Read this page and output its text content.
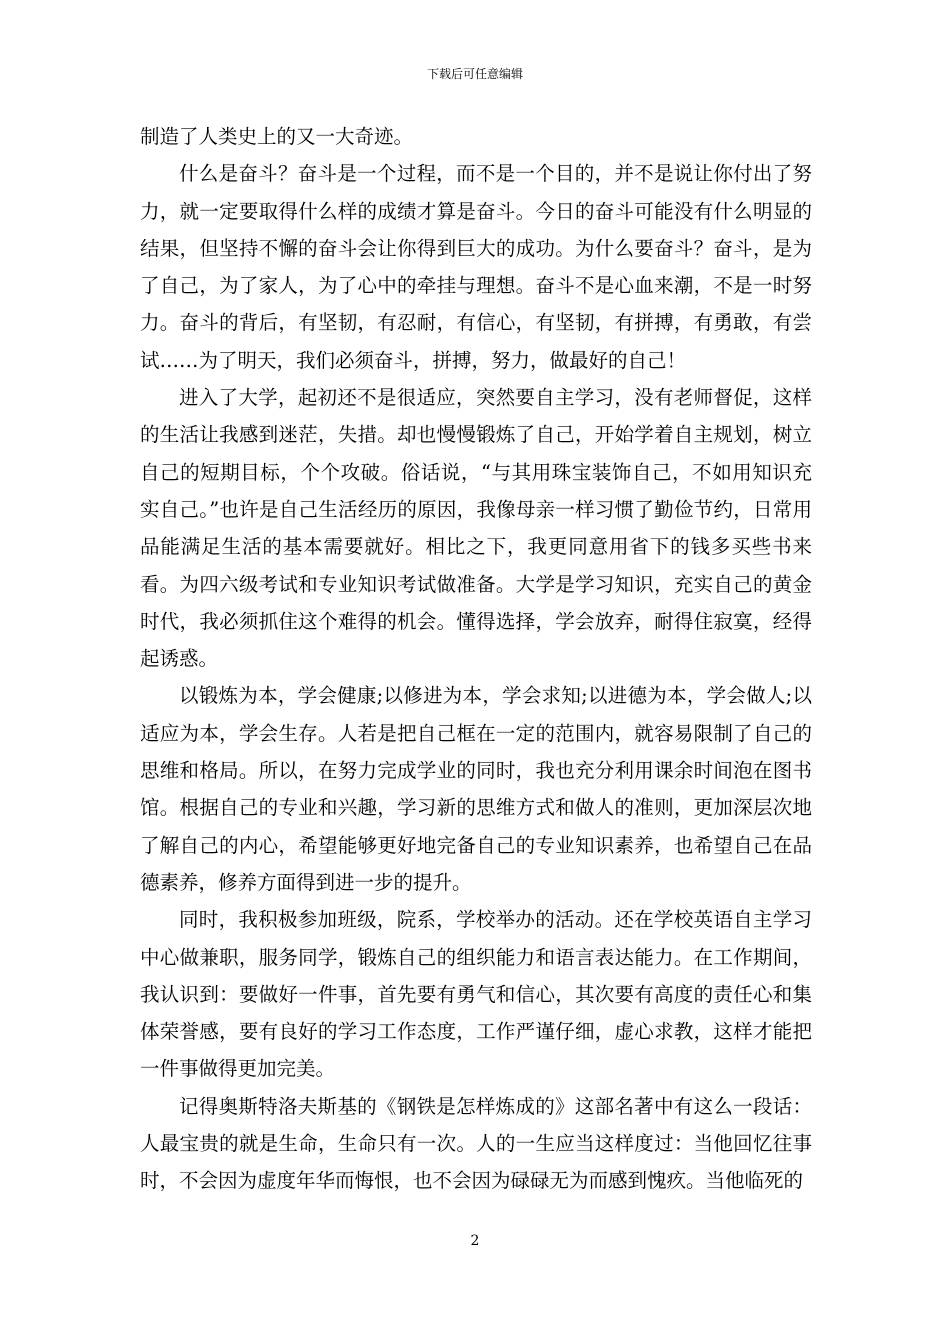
下载后可任意编辑

制造了人类史上的又一大奇迹。

什么是奋斗？奋斗是一个过程，而不是一个目的，并不是说让你付出了努力，就一定要取得什么样的成绩才算是奋斗。今日的奋斗可能没有什么明显的结果，但坚持不懈的奋斗会让你得到巨大的成功。为什么要奋斗？奋斗，是为了自己，为了家人，为了心中的牵挂与理想。奋斗不是心血来潮，不是一时努力。奋斗的背后，有坚韧，有忍耐，有信心，有坚韧，有拼搏，有勇敢，有尝试……为了明天，我们必须奋斗，拼搏，努力，做最好的自己！

进入了大学，起初还不是很适应，突然要自主学习，没有老师督促，这样的生活让我感到迷茫，失措。却也慢慢锻炼了自己，开始学着自主规划，树立自己的短期目标，个个攻破。俗话说，“与其用珠宝装饰自己，不如用知识充实自己。”也许是自己生活经历的原因，我像母亲一样习惯了勤俭节约，日常用品能满足生活的基本需要就好。相比之下，我更同意用省下的钱多买些书来看。为四六级考试和专业知识考试做准备。大学是学习知识，充实自己的黄金时代，我必须抓住这个难得的机会。懂得选择，学会放弃，耐得住寂寞，经得起诱惑。

以锻炼为本，学会健康;以修进为本，学会求知;以进德为本，学会做人;以适应为本，学会生存。人若是把自己框在一定的范围内，就容易限制了自己的思维和格局。所以，在努力完成学业的同时，我也充分利用课余时间泡在图书馆。根据自己的专业和兴趣，学习新的思维方式和做人的准则，更加深层次地了解自己的内心，希望能够更好地完备自己的专业知识素养，也希望自己在品德素养，修养方面得到进一步的提升。

同时，我积极参加班级，院系，学校举办的活动。还在学校英语自主学习中心做兼职，服务同学，锻炼自己的组织能力和语言表达能力。在工作期间，我认识到：要做好一件事，首先要有勇气和信心，其次要有高度的责任心和集体荣誉感，要有良好的学习工作态度，工作严谨仔细，虚心求教，这样才能把一件事做得更加完美。

记得奥斯特洛夫斯基的《钢铁是怎样炼成的》这部名著中有这么一段话：人最宝贵的就是生命，生命只有一次。人的一生应当这样度过：当他回忆往事时，不会因为虚度年华而悔恨，也不会因为碌碌无为而感到愧疚。当他临死的

2
